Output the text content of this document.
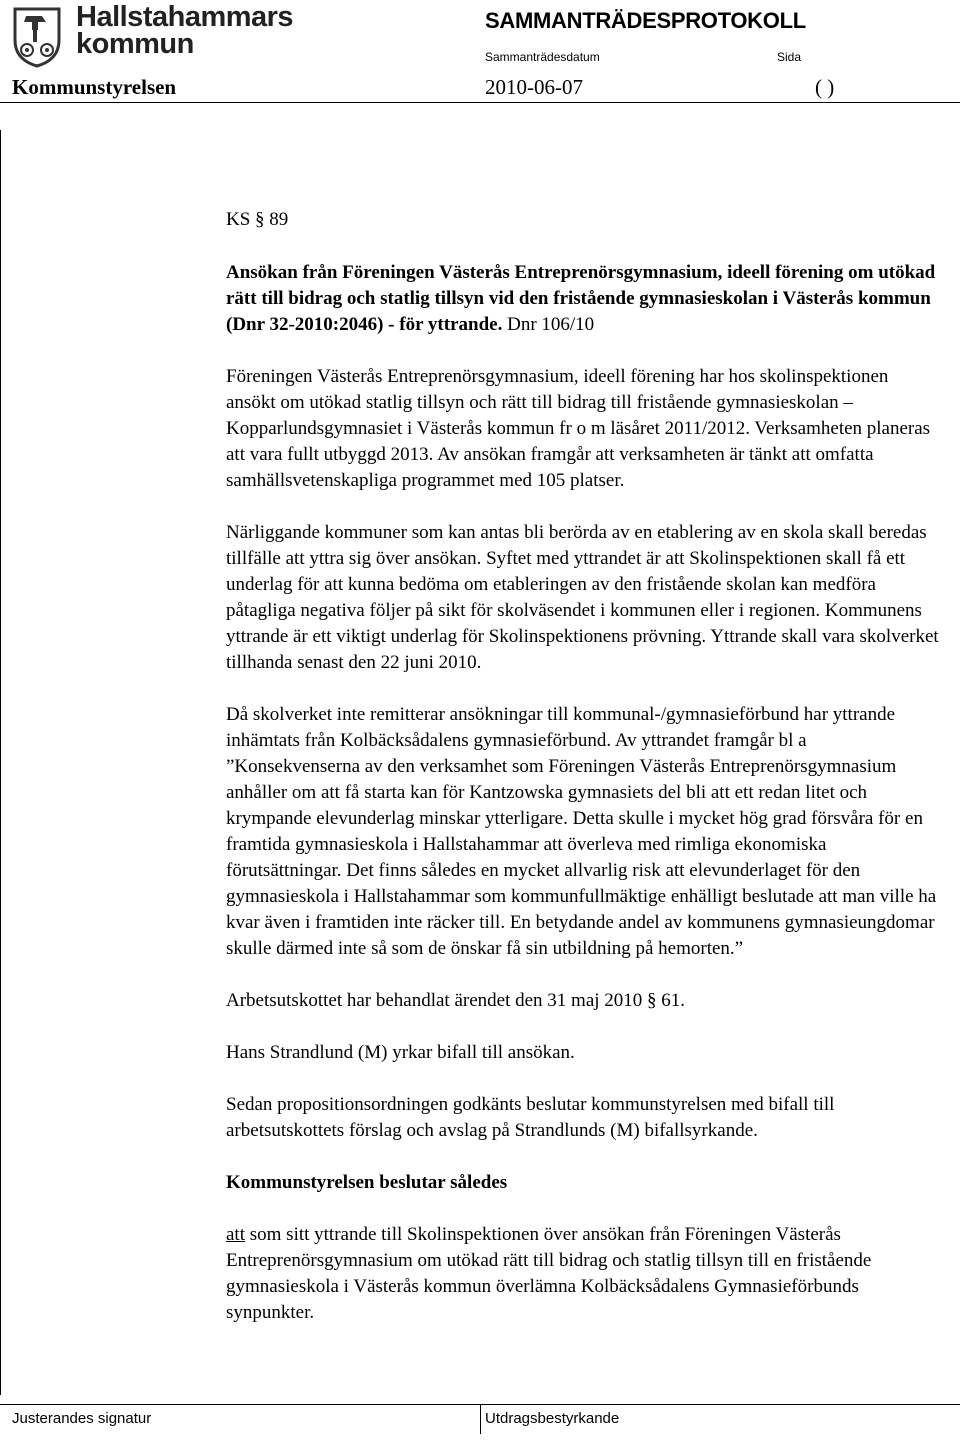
Hallstahammars
kommun
SAMMANTRÄDESPROTOKOLL
Sammanträdesdatum	Sida
Kommunstyrelsen	2010-06-07	( )

KS § 89

Ansökan från Föreningen Västerås Entreprenörsgymnasium, ideell förening om utökad rätt till bidrag och statlig tillsyn vid den fristående gymnasieskolan i Västerås kommun (Dnr 32-2010:2046) - för yttrande. Dnr 106/10

Föreningen Västerås Entreprenörsgymnasium, ideell förening har hos skolinspektionen ansökt om utökad statlig tillsyn och rätt till bidrag till fristående gymnasieskolan – Kopparlundsgymnasiet i Västerås kommun fr o m läsåret 2011/2012. Verksamheten planeras att vara fullt utbyggd 2013. Av ansökan framgår att verksamheten är tänkt att omfatta samhällsvetenskapliga programmet med 105 platser.

Närliggande kommuner som kan antas bli berörda av en etablering av en skola skall beredas tillfälle att yttra sig över ansökan. Syftet med yttrandet är att Skolinspektionen skall få ett underlag för att kunna bedöma om etableringen av den fristående skolan kan medföra påtagliga negativa följer på sikt för skolväsendet i kommunen eller i regionen. Kommunens yttrande är ett viktigt underlag för Skolinspektionens prövning. Yttrande skall vara skolverket tillhanda senast den 22 juni 2010.

Då skolverket inte remitterar ansökningar till kommunal-/gymnasieförbund har yttrande inhämtats från Kolbäcksådalens gymnasieförbund. Av yttrandet framgår bl a ”Konsekvenserna av den verksamhet som Föreningen Västerås Entreprenörsgymnasium anhåller om att få starta kan för Kantzowska gymnasiets del bli att ett redan litet och krympande elevunderlag minskar ytterligare. Detta skulle i mycket hög grad försvåra för en framtida gymnasieskola i Hallstahammar att överleva med rimliga ekonomiska förutsättningar. Det finns således en mycket allvarlig risk att elevunderlaget för den gymnasieskola i Hallstahammar som kommunfullmäktige enhälligt beslutade att man ville ha kvar även i framtiden inte räcker till. En betydande andel av kommunens gymnasieungdomar skulle därmed inte så som de önskar få sin utbildning på hemorten.”

Arbetsutskottet har behandlat ärendet den 31 maj 2010 § 61.

Hans Strandlund (M) yrkar bifall till ansökan.

Sedan propositionsordningen godkänts beslutar kommunstyrelsen med bifall till arbetsutskottets förslag och avslag på Strandlunds (M) bifallsyrkande.

Kommunstyrelsen beslutar således

att som sitt yttrande till Skolinspektionen över ansökan från Föreningen Västerås Entreprenörsgymnasium om utökad rätt till bidrag och statlig tillsyn till en fristående gymnasieskola i Västerås kommun överlämna Kolbäcksådalens Gymnasieförbunds synpunkter.

Justerandes signatur	Utdragsbestyrkande
